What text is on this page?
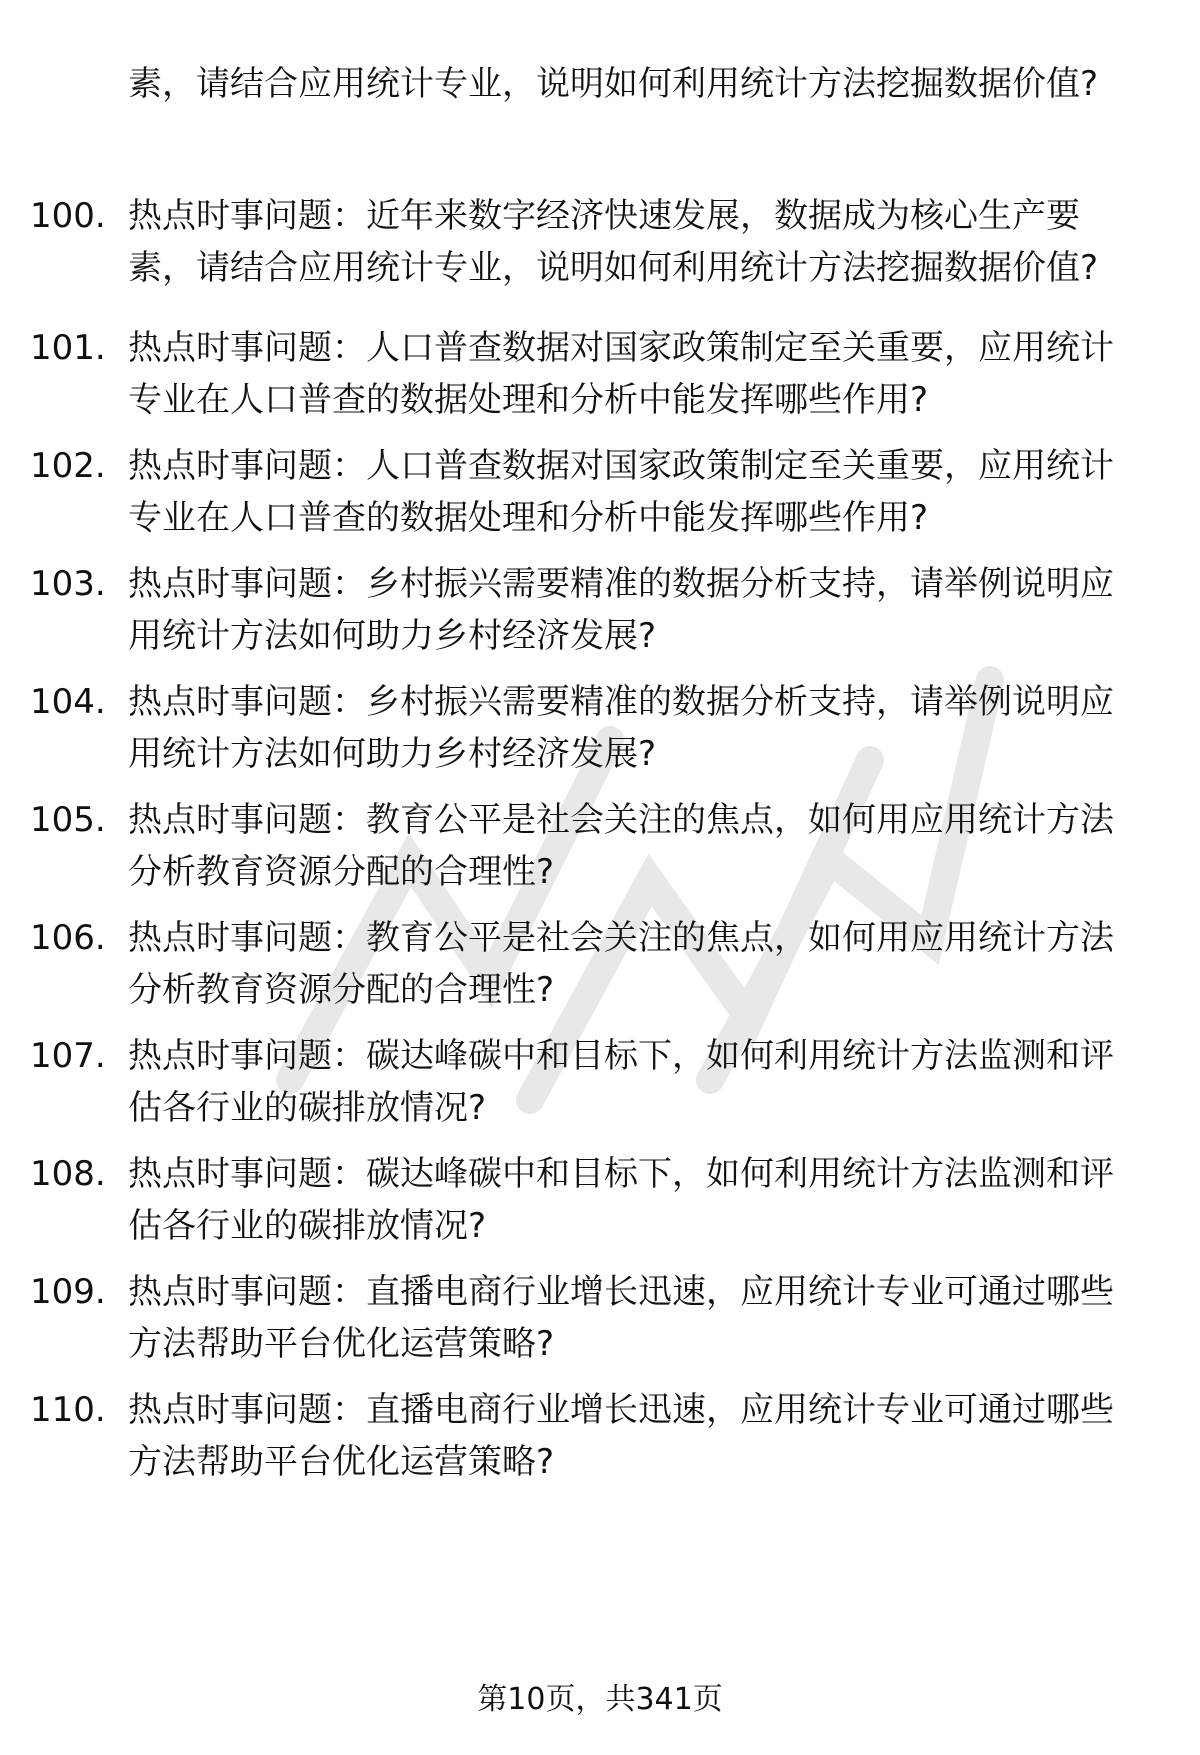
素，请结合应用统计专业，说明如何利用统计方法挖掘数据价值?
100. 热点时事问题：近年来数字经济快速发展，数据成为核心生产要素，请结合应用统计专业，说明如何利用统计方法挖掘数据价值?
101. 热点时事问题：人口普查数据对国家政策制定至关重要，应用统计专业在人口普查的数据处理和分析中能发挥哪些作用?
102. 热点时事问题：人口普查数据对国家政策制定至关重要，应用统计专业在人口普查的数据处理和分析中能发挥哪些作用?
103. 热点时事问题：乡村振兴需要精准的数据分析支持，请举例说明应用统计方法如何助力乡村经济发展?
104. 热点时事问题：乡村振兴需要精准的数据分析支持，请举例说明应用统计方法如何助力乡村经济发展?
105. 热点时事问题：教育公平是社会关注的焦点，如何用应用统计方法分析教育资源分配的合理性?
106. 热点时事问题：教育公平是社会关注的焦点，如何用应用统计方法分析教育资源分配的合理性?
107. 热点时事问题：碳达峰碳中和目标下，如何利用统计方法监测和评估各行业的碳排放情况?
108. 热点时事问题：碳达峰碳中和目标下，如何利用统计方法监测和评估各行业的碳排放情况?
109. 热点时事问题：直播电商行业增长迅速，应用统计专业可通过哪些方法帮助平台优化运营策略?
110. 热点时事问题：直播电商行业增长迅速，应用统计专业可通过哪些方法帮助平台优化运营策略?
第10页，共341页
